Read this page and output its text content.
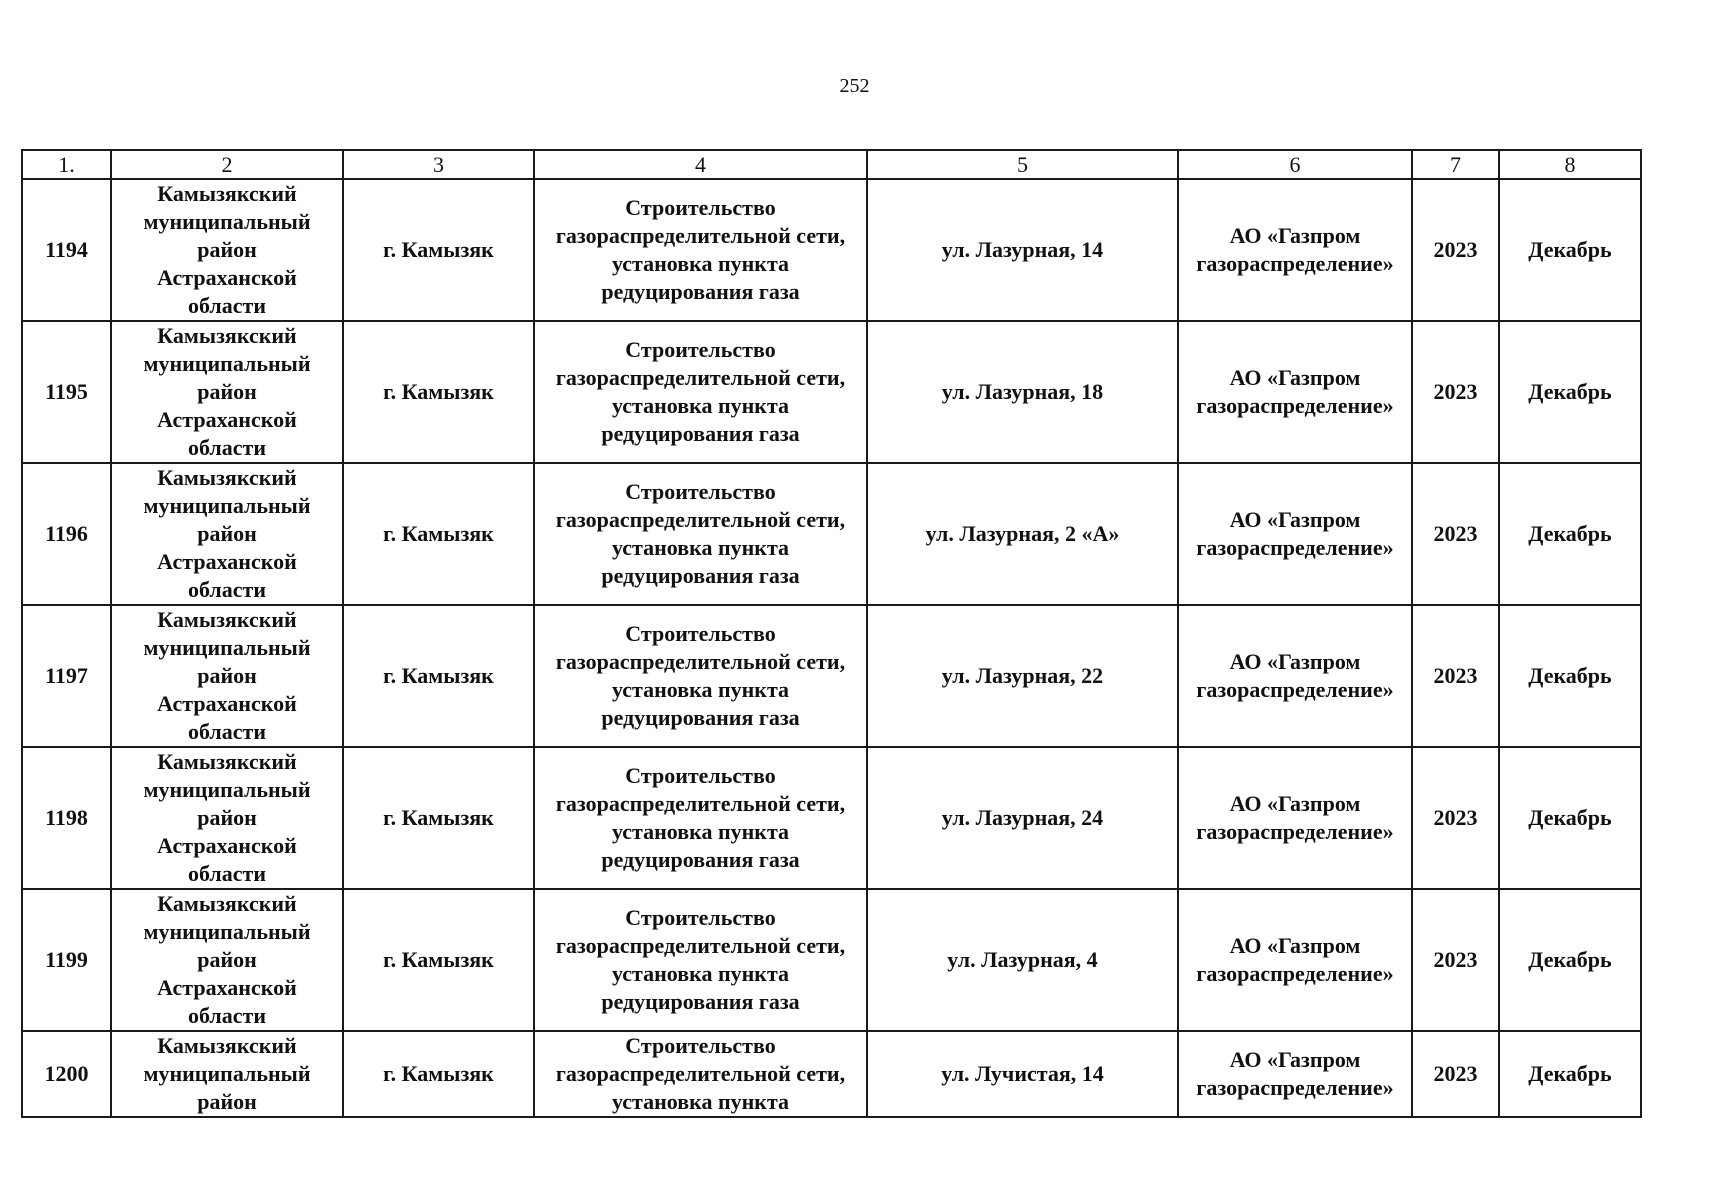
252
1.	2	3	4	5	6	7	8
1194	Камызякский
муниципальный
район
Астраханской
области	г. Камызяк	Строительство
газораспределительной сети,
установка пункта
редуцирования газа	ул. Лазурная, 14	АО «Газпром
газораспределение»	2023	Декабрь
1195	Камызякский
муниципальный
район
Астраханской
области	г. Камызяк	Строительство
газораспределительной сети,
установка пункта
редуцирования газа	ул. Лазурная, 18	АО «Газпром
газораспределение»	2023	Декабрь
1196	Камызякский
муниципальный
район
Астраханской
области	г. Камызяк	Строительство
газораспределительной сети,
установка пункта
редуцирования газа	ул. Лазурная, 2 «А»	АО «Газпром
газораспределение»	2023	Декабрь
1197	Камызякский
муниципальный
район
Астраханской
области	г. Камызяк	Строительство
газораспределительной сети,
установка пункта
редуцирования газа	ул. Лазурная, 22	АО «Газпром
газораспределение»	2023	Декабрь
1198	Камызякский
муниципальный
район
Астраханской
области	г. Камызяк	Строительство
газораспределительной сети,
установка пункта
редуцирования газа	ул. Лазурная, 24	АО «Газпром
газораспределение»	2023	Декабрь
1199	Камызякский
муниципальный
район
Астраханской
области	г. Камызяк	Строительство
газораспределительной сети,
установка пункта
редуцирования газа	ул. Лазурная, 4	АО «Газпром
газораспределение»	2023	Декабрь
1200	Камызякский
муниципальный
район	г. Камызяк	Строительство
газораспределительной сети,
установка пункта	ул. Лучистая, 14	АО «Газпром
газораспределение»	2023	Декабрь
